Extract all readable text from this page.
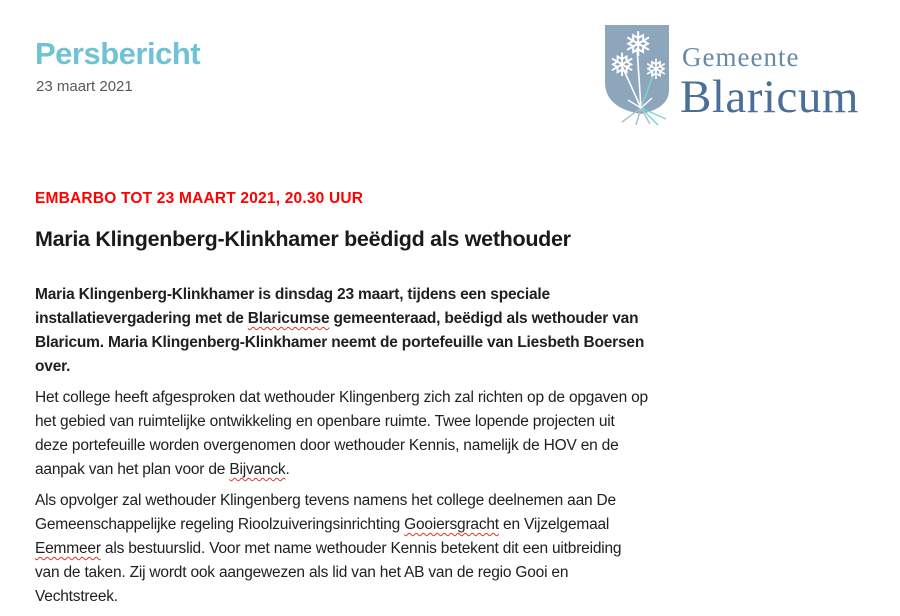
Persbericht
23 maart 2021
❅
❅ ❅ Gemeente
Blaricum
EMBARBO TOT 23 MAART 2021, 20.30 UUR
Maria Klingenberg-Klinkhamer beëdigd als wethouder
Maria Klingenberg-Klinkhamer is dinsdag 23 maart, tijdens een speciale
installatievergadering met de Blaricumse gemeenteraad, beëdigd als wethouder van
Blaricum. Maria Klingenberg-Klinkhamer neemt de portefeuille van Liesbeth Boersen
over.
Het college heeft afgesproken dat wethouder Klingenberg zich zal richten op de opgaven op
het gebied van ruimtelijke ontwikkeling en openbare ruimte. Twee lopende projecten uit
deze portefeuille worden overgenomen door wethouder Kennis, namelijk de HOV en de
aanpak van het plan voor de Bijvanck.
Als opvolger zal wethouder Klingenberg tevens namens het college deelnemen aan De
Gemeenschappelijke regeling Rioolzuiveringsinrichting Gooiersgracht en Vijzelgemaal
Eemmeer als bestuurslid. Voor met name wethouder Kennis betekent dit een uitbreiding
van de taken. Zij wordt ook aangewezen als lid van het AB van de regio Gooi en
Vechtstreek.
